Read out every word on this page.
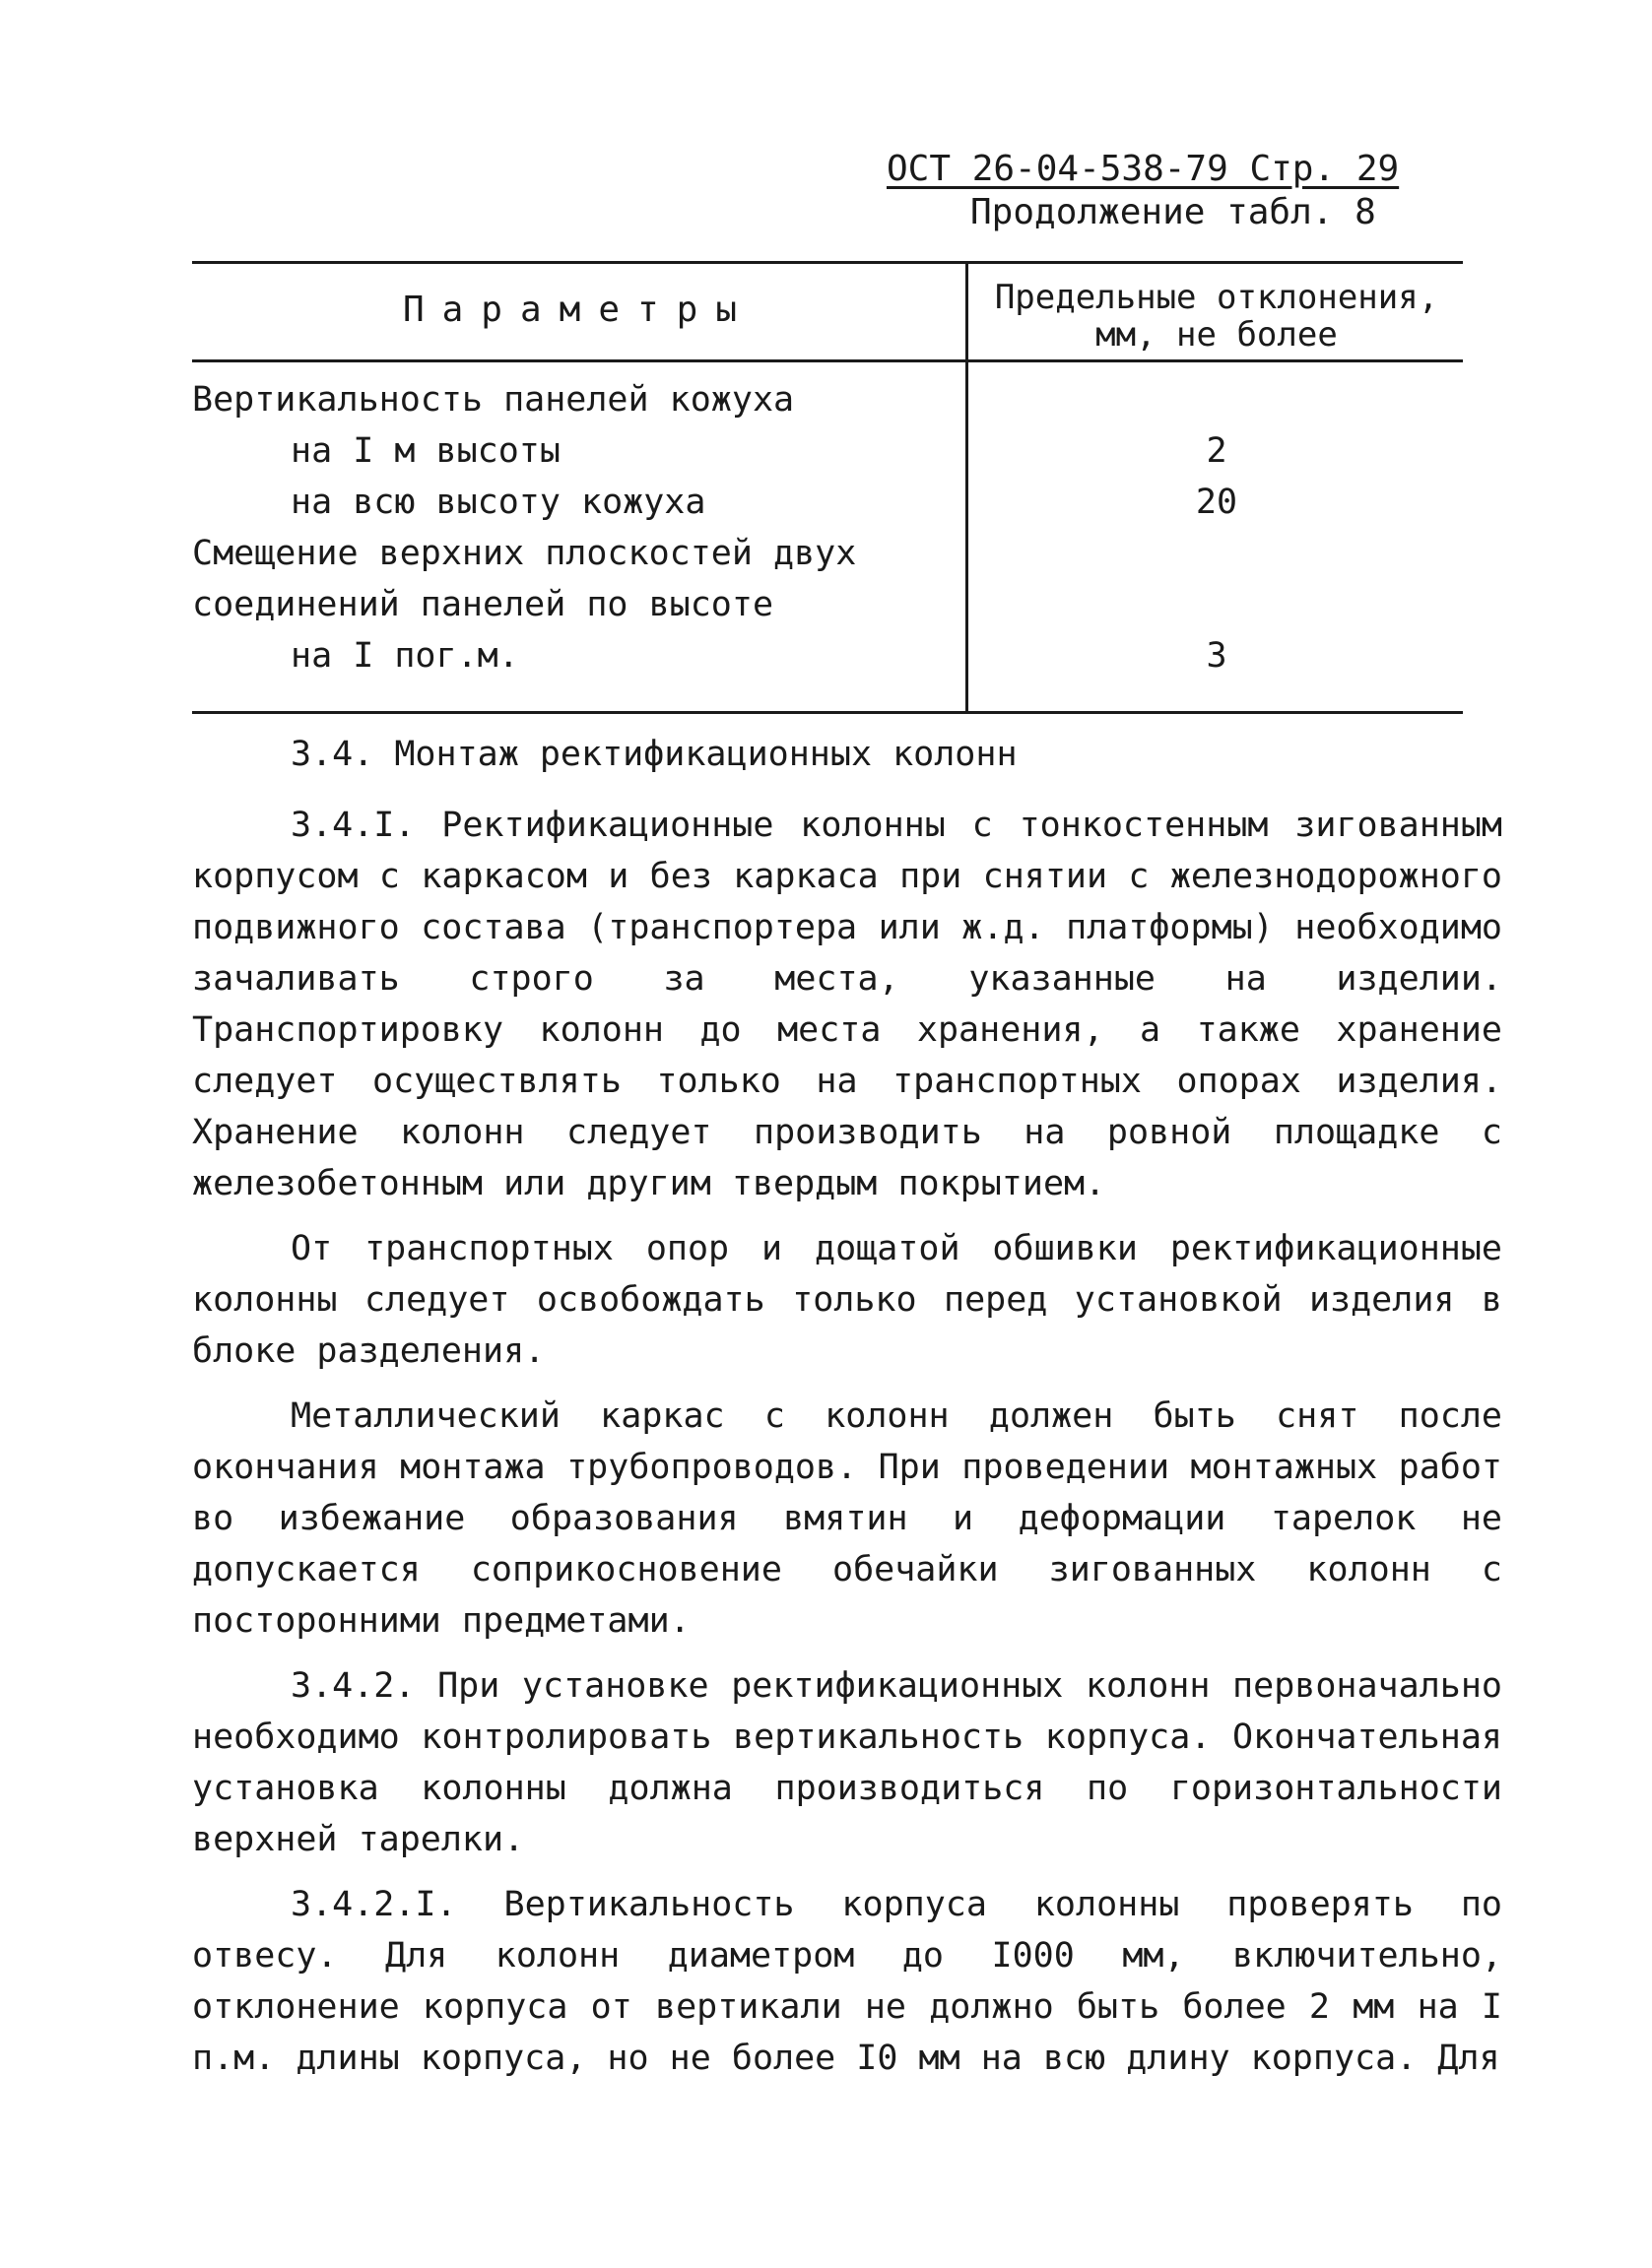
ОСТ 26-04-538-79 Стр. 29
Продолжение табл. 8
Параметры	Предельные отклонения, мм, не более
Вертикальность панелей кожуха
на I м высоты	2
на всю высоту кожуха	20
Смещение верхних плоскостей двух
соединений панелей по высоте
на I пог.м.	3
3.4. Монтаж ректификационных колонн

3.4.I. Ректификационные колонны с тонкостенным зигованным корпусом с каркасом и без каркаса при снятии с железнодорожного подвижного состава (транспортера или ж.д. платформы) необходимо зачаливать строго за места, указанные на изделии. Транспортировку колонн до места хранения, а также хранение следует осуществлять только на транспортных опорах изделия. Хранение колонн следует производить на ровной площадке с железобетонным или другим твердым покрытием.

От транспортных опор и дощатой обшивки ректификационные колонны следует освобождать только перед установкой изделия в блоке разделения.

Металлический каркас с колонн должен быть снят после окончания монтажа трубопроводов. При проведении монтажных работ во избежание образования вмятин и деформации тарелок не допускается соприкосновение обечайки зигованных колонн с посторонними предметами.

3.4.2. При установке ректификационных колонн первоначально необходимо контролировать вертикальность корпуса. Окончательная установка колонны должна производиться по горизонтальности верхней тарелки.

3.4.2.I. Вертикальность корпуса колонны проверять по отвесу. Для колонн диаметром до I000 мм, включительно, отклонение корпуса от вертикали не должно быть более 2 мм на I п.м. длины корпуса, но не более I0 мм на всю длину корпуса. Для
